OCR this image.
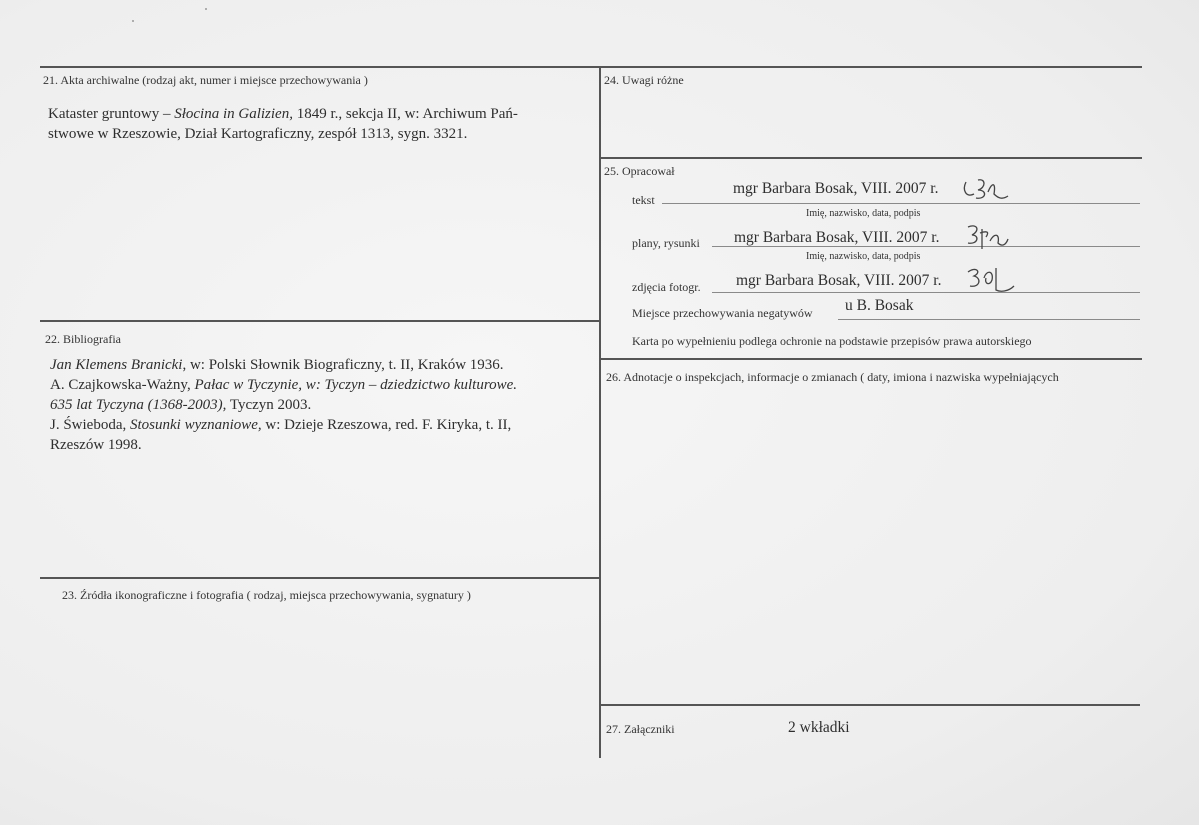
21. Akta archiwalne (rodzaj akt, numer i miejsce przechowywania )

Kataster gruntowy – Słocina in Galizien, 1849 r., sekcja II, w: Archiwum Pań-

stwowe w Rzeszowie, Dział Kartograficzny, zespół 1313, sygn. 3321.

22. Bibliografia

Jan Klemens Branicki, w: Polski Słownik Biograficzny, t. II, Kraków 1936.

A. Czajkowska-Ważny, Pałac w Tyczynie, w: Tyczyn – dziedzictwo kulturowe.

635 lat Tyczyna (1368-2003), Tyczyn 2003.

J. Świeboda, Stosunki wyznaniowe, w: Dzieje Rzeszowa, red. F. Kiryka, t. II,

Rzeszów 1998.

23. Źródła ikonograficzne i fotografia ( rodzaj, miejsca przechowywania, sygnatury )
24. Uwagi różne
25. Opracował
tekst
mgr Barbara Bosak, VIII. 2007 r.
Imię, nazwisko, data, podpis
plany, rysunki mgr Barbara Bosak, VIII. 2007 r.
Imię, nazwisko, data, podpis
zdjęcia fotogr. mgr Barbara Bosak, VIII. 2007 r.
Miejsce przechowywania negatywów u B. Bosak
Karta po wypełnieniu podlega ochronie na podstawie przepisów prawa autorskiego
26. Adnotacje o inspekcjach, informacje o zmianach ( daty, imiona i nazwiska wypełniających
27. Załączniki	2 wkładki
